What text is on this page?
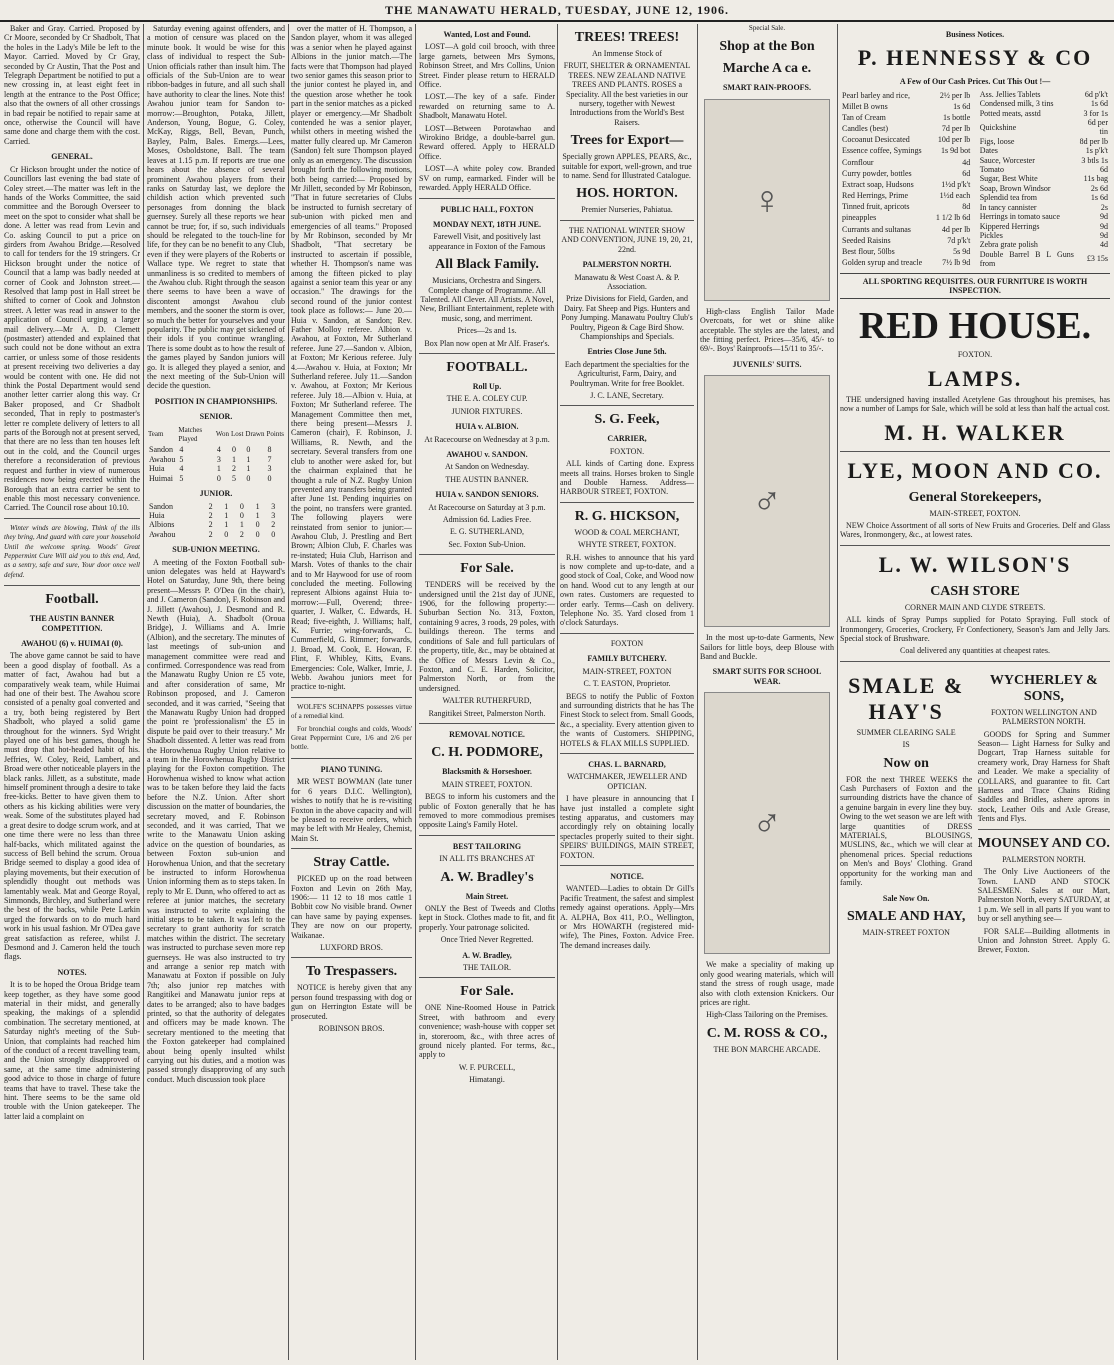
THE MANAWATU HERALD, TUESDAY, JUNE 12, 1906.

Baker and Gray. Carried. Proposed by Cr Moore, seconded by Cr Shadbolt, That the holes in the Lady's Mile be left to the Mayor. Carried. Moved by Cr Gray, seconded by Cr Austin, That the Post and Telegraph Department be notified to put a new crossing in, at least eight feet in length at the entrance to the Post Office; also that the owners of all other crossings in bad repair be notified to repair same at once, otherwise the Council will have same done and charge them with the cost. Carried.

GENERAL.

Cr Hickson brought under the notice of Councillors last evening the bad state of Coley street.—The matter was left in the hands of the Works Committee, the said committee and the Borough Overseer to meet on the spot to consider what shall be done. A letter was read from Levin and Co. asking Council to put a price on girders from Awahou Bridge.—Resolved to call for tenders for the 19 stringers. Cr Hickson brought under the notice of Council that a lamp was badly needed at corner of Cook and Johnston street.—Resolved that lamp post in Hall street be shifted to corner of Cook and Johnston street. A letter was read in answer to the application of Council urging a larger mail delivery.—Mr A. D. Clemett (postmaster) attended and explained that such could not be done without an extra carrier, or unless some of those residents at present receiving two deliveries a day would be content with one. He did not think the Postal Department would send another letter carrier along this way. Cr Baker proposed, and Cr Shadbolt seconded, That in reply to postmaster's letter re complete delivery of letters to all parts of the Borough not at present served, that there are no less than ten houses left out in the cold, and the Council urges therefore a reconsideration of previous request and further in view of numerous residences now being erected within the Borough that an extra carrier be sent to enable this most necessary convenience. Carried. The Council rose about 10.10.

Winter winds are blowing, Think of the ills they bring, And guard with care your household Until the welcome spring. Woods' Great Peppermint Cure Will aid you to this end, And, as a sentry, safe and sure, Your door once well defend.

Football.

THE AUSTIN BANNER COMPETITION.

AWAHOU (6) v. HUIMAI (0).

The above game cannot be said to have been a good display of football. As a matter of fact, Awahou had but a comparatively weak team, while Huimai had one of their best. The Awahou score consisted of a penalty goal converted and a try, both being registered by Bert Shadbolt, who played a solid game throughout for the winners. Syd Wright played one of his best games, though he must drop that hot-headed habit of his. Jeffries, W. Coley, Reid, Lambert, and Broad were other noticeable players in the black ranks. Jillett, as a substitute, made himself prominent through a desire to take free-kicks. Better to have given them to others as his kicking abilities were very weak. Some of the substitutes played had a great desire to dodge scrum work, and at one time there were no less than three half-backs, which militated against the success of Bell behind the scrum. Oroua Bridge seemed to display a good idea of playing movements, but their execution of splendidly thought out methods was lamentably weak. Mat and George Royal, Simmonds, Birchley, and Sutherland were the best of the backs, while Pete Larkin urged the forwards on to do much hard work in his usual fashion. Mr O'Dea gave great satisfaction as referee, whilst J. Desmond and J. Cameron held the touch flags.

NOTES.

It is to be hoped the Oroua Bridge team keep together, as they have some good material in their midst, and generally speaking, the makings of a splendid combination. The secretary mentioned, at Saturday night's meeting of the Sub-Union, that complaints had reached him of the conduct of a recent travelling team, and the Union strongly disapproved of same, at the same time administering good advice to those in charge of future teams that have to travel. These take the hint. There seems to be the same old trouble with the Union gatekeeper. The latter laid a complaint on

Saturday evening against offenders, and a motion of censure was placed on the minute book. It would be wise for this class of individual to respect the Sub-Union officials rather than insult him. The officials of the Sub-Union are to wear ribbon-badges in future, and all such shall have authority to clear the lines. Note this! Awahou junior team for Sandon to-morrow:—Broughton, Potaka, Jillett, Anderson, Young, Bogue, G. Coley, McKay, Riggs, Bell, Bevan, Punch, Bayley, Palm, Bales. Emergs.—Lees, Moses, Osboldstone, Ball. The team leaves at 1.15 p.m. If reports are true one hears about the absence of several prominent Awahou players from their ranks on Saturday last, we deplore the childish action which prevented such personages from donning the black guernsey. Surely all these reports we hear cannot be true; for, if so, such individuals should be relegated to the touch-line for life, for they can be no benefit to any Club, even if they were players of the Roberts or Wallace type. We regret to state that unmanliness is so credited to members of the Awahou club. Right through the season there seems to have been a wave of discontent amongst Awahou club members, and the sooner the storm is over, so much the better for yourselves and your popularity. The public may get sickened of their idols if you continue wrangling. There is some doubt as to how the result of the games played by Sandon juniors will go. It is alleged they played a senior, and the next meeting of the Sub-Union will decide the question.

POSITION IN CHAMPIONSHIPS.

SENIOR.

Team	Matches Played	Won	Lost	Drawn	Points
Sandon	4	4	0	0	8
Awahou	5	3	1	1	7
Huia	4	1	2	1	3
Huimai	5	0	5	0	0

JUNIOR.

Sandon	2	1	0	1	3
Huia	2	1	0	1	3
Albions	2	1	1	0	2
Awahou	2	0	2	0	0

SUB-UNION MEETING.

A meeting of the Foxton Football sub-union delegates was held at Hayward's Hotel on Saturday, June 9th, there being present—Messrs P. O'Dea (in the chair), and J. Cameron (Sandon), F. Robinson and J. Jillett (Awahou), J. Desmond and R. Newth (Huia), A. Shadbolt (Oroua Bridge), J. Williams and A. Imrie (Albion), and the secretary. The minutes of last meetings of sub-union and management committee were read and confirmed. Correspondence was read from the Manawatu Rugby Union re £5 vote, and after consideration of same, Mr Robinson proposed, and J. Cameron seconded, and it was carried, "Seeing that the Manawatu Rugby Union had dropped the point re 'professionalism' the £5 in dispute be paid over to their treasury." Mr Shadbolt dissented. A letter was read from the Horowhenua Rugby Union relative to a team in the Horowhenua Rugby District playing for the Foxton competition. The Horowhenua wished to know what action was to be taken before they laid the facts before the N.Z. Union. After short discussion on the matter of boundaries, the secretary moved, and F. Robinson seconded, and it was carried, That we write to the Manawatu Union asking advice on the question of boundaries, as between Foxton sub-union and Horowhenua Union, and that the secretary be instructed to inform Horowhenua Union informing them as to steps taken. In reply to Mr E. Dunn, who offered to act as referee at junior matches, the secretary was instructed to write explaining the initial steps to be taken. It was left to the secretary to grant authority for scratch matches within the district. The secretary was instructed to purchase seven more rep guernseys. He was also instructed to try and arrange a senior rep match with Manawatu at Foxton if possible on July 7th; also junior rep matches with Rangitikei and Manawatu junior reps at dates to be arranged; also to have badges printed, so that the authority of delegates and officers may be made known. The secretary mentioned to the meeting that the Foxton gatekeeper had complained about being openly insulted whilst carrying out his duties, and a motion was passed strongly disapproving of any such conduct. Much discussion took place

over the matter of H. Thompson, a Sandon player, whom it was alleged was a senior when he played against Albions in the junior match.—The facts were that Thompson had played two senior games this season prior to the junior contest he played in, and the question arose whether he took part in the senior matches as a picked player or emergency.—Mr Shadbolt contended he was a senior player, whilst others in meeting wished the matter fully cleared up. Mr Cameron (Sandon) felt sure Thompson played only as an emergency. The discussion brought forth the following motions, both being carried:— Proposed by Mr Jillett, seconded by Mr Robinson, "That in future secretaries of Clubs be instructed to furnish secretary of sub-union with picked men and emergencies of all teams." Proposed by Mr Robinson, seconded by Mr Shadbolt, "That secretary be instructed to ascertain if possible, whether H. Thompson's name was among the fifteen picked to play against a senior team this year or any occasion." The drawings for the second round of the junior contest took place as follows:— June 20.—Huia v. Sandon, at Sandon; Rev. Father Molloy referee. Albion v. Awahou, at Foxton, Mr Sutherland referee. June 27.—Sandon v. Albion, at Foxton; Mr Kerious referee. July 4.—Awahou v. Huia, at Foxton; Mr Sutherland referee. July 11.—Sandon v. Awahou, at Foxton; Mr Kerious referee. July 18.—Albion v. Huia, at Foxton; Mr Sutherland referee. The Management Committee then met, there being present—Messrs J. Cameron (chair), F. Robinson, J. Williams, R. Newth, and the secretary. Several transfers from one club to another were asked for, but the chairman explained that he thought a rule of N.Z. Rugby Union prevented any transfers being granted after June 1st. Pending inquiries on the point, no transfers were granted. The following players were reinstated from senior to junior:—Awahou Club, J. Prestling and Bert Brown; Albion Club, F. Charles was re-instated; Huia Club, Harrison and Marsh. Votes of thanks to the chair and to Mr Haywood for use of room concluded the meeting. Following represent Albions against Huia to-morrow:—Full, Overend; three-quarter, J. Walker, C. Edwards, H. Read; five-eighth, J. Williams; half, K. Furrie; wing-forwards, C. Cummerfield, G. Rimmer; forwards, J. Broad, M. Cook, E. Howan, F. Flint, F. Whibley, Kitts, Evans. Emergencies: Cole, Walker, Imrie, J. Webb. Awahou juniors meet for practice to-night.

WOLFE'S SCHNAPPS possesses virtue of a remedial kind.

For bronchial coughs and colds, Woods' Great Peppermint Cure, 1/6 and 2/6 per bottle.

PIANO TUNING.

MR WEST BOWMAN (late tuner for 6 years D.I.C. Wellington), wishes to notify that he is re-visiting Foxton in the above capacity and will be pleased to receive orders, which may be left with Mr Healey, Chemist, Main St.

Stray Cattle.

PICKED up on the road between Foxton and Levin on 26th May, 1906:— 11 12 to 18 mos cattle 1 Bobbit cow No visible brand. Owner can have same by paying expenses. They are now on our property, Waikanae.

LUXFORD BROS.

To Trespassers.

NOTICE is hereby given that any person found trespassing with dog or gun on Herrington Estate will be prosecuted.

ROBINSON BROS.

Wanted, Lost and Found.

LOST—A gold coil brooch, with three large garnets, between Mrs Symons, Robinson Street, and Mrs Collins, Union Street. Finder please return to HERALD Office.

LOST.—The key of a safe. Finder rewarded on returning same to A. Shadbolt, Manawatu Hotel.

LOST—Between Porotawhao and Wirokino Bridge, a double-barrel gun. Reward offered. Apply to HERALD Office.

LOST—A white poley cow. Branded SV on rump, earmarked. Finder will be rewarded. Apply HERALD Office.

PUBLIC HALL, FOXTON

MONDAY NEXT, 18TH JUNE.

Farewell Visit, and positively last appearance in Foxton of the Famous

All Black Family.

Musicians, Orchestra and Singers. Complete change of Programme. All Talented. All Clever. All Artists. A Novel, New, Brilliant Entertainment, replete with music, song, and merriment.

Prices—2s and 1s.

Box Plan now open at Mr Alf. Fraser's.

FOOTBALL.

Roll Up.

THE E. A. COLEY CUP.

JUNIOR FIXTURES.

HUIA v. ALBION.

At Racecourse on Wednesday at 3 p.m.

AWAHOU v. SANDON.

At Sandon on Wednesday.

THE AUSTIN BANNER.

HUIA v. SANDON SENIORS.

At Racecourse on Saturday at 3 p.m.

Admission 6d. Ladies Free.

E. G. SUTHERLAND,

Sec. Foxton Sub-Union.

For Sale.

TENDERS will be received by the undersigned until the 21st day of JUNE, 1906, for the following property:— Suburban Section No. 313, Foxton, containing 9 acres, 3 roods, 29 poles, with buildings thereon. The terms and conditions of Sale and full particulars of the property, title, &c., may be obtained at the Office of Messrs Levin & Co., Foxton, and C. E. Harden, Solicitor, Palmerston North, or from the undersigned.

WALTER RUTHERFURD,

Rangitikei Street, Palmerston North.

REMOVAL NOTICE.

C. H. PODMORE,

Blacksmith & Horseshoer.

MAIN STREET, FOXTON.

BEGS to inform his customers and the public of Foxton generally that he has removed to more commodious premises opposite Laing's Family Hotel.

BEST TAILORING

IN ALL ITS BRANCHES AT

A. W. Bradley's

Main Street.

ONLY the Best of Tweeds and Cloths kept in Stock. Clothes made to fit, and fit properly. Your patronage solicited.

Once Tried Never Regretted.

A. W. Bradley,

THE TAILOR.

For Sale.

ONE Nine-Roomed House in Patrick Street, with bathroom and every convenience; wash-house with copper set in, storeroom, &c., with three acres of ground nicely planted. For terms, &c., apply to

W. F. PURCELL,

Himatangi.

TREES! TREES!

An Immense Stock of

FRUIT, SHELTER & ORNAMENTAL TREES. NEW ZEALAND NATIVE TREES AND PLANTS. ROSES a Speciality. All the best varieties in our nursery, together with Newest Introductions from the World's Best Raisers.

Trees for Export—

Specially grown APPLES, PEARS, &c., suitable for export, well-grown, and true to name. Send for Illustrated Catalogue.

HOS. HORTON.

Premier Nurseries, Pahiatua.

THE NATIONAL WINTER SHOW AND CONVENTION, JUNE 19, 20, 21, 22nd.

PALMERSTON NORTH.

Manawatu & West Coast A. & P. Association.

Prize Divisions for Field, Garden, and Dairy. Fat Sheep and Pigs. Hunters and Pony Jumping. Manawatu Poultry Club's Poultry, Pigeon & Cage Bird Show. Championships and Specials.

Entries Close June 5th.

Each department the specialties for the Agriculturist, Farm, Dairy, and Poultryman. Write for free Booklet.

J. C. LANE, Secretary.

S. G. Feek,

CARRIER,

FOXTON.

ALL kinds of Carting done. Express meets all trains. Horses broken to Single and Double Harness. Address— HARBOUR STREET, FOXTON.

R. G. HICKSON,

WOOD & COAL MERCHANT,

WHYTE STREET, FOXTON.

R.H. wishes to announce that his yard is now complete and up-to-date, and a good stock of Coal, Coke, and Wood now on hand. Wood cut to any length at our own rates. Customers are requested to order early. Terms—Cash on delivery. Telephone No. 35. Yard closed from 1 o'clock Saturdays.

FOXTON

FAMILY BUTCHERY.

MAIN-STREET, FOXTON

C. T. EASTON, Proprietor.

BEGS to notify the Public of Foxton and surrounding districts that he has The Finest Stock to select from. Small Goods, &c., a speciality. Every attention given to the wants of Customers. SHIPPING, HOTELS & FLAX MILLS SUPPLIED.

CHAS. L. BARNARD,

WATCHMAKER, JEWELLER AND OPTICIAN.

I have pleasure in announcing that I have just installed a complete sight testing apparatus, and customers may accordingly rely on obtaining locally spectacles properly suited to their sight. SPEIRS' BUILDINGS, MAIN STREET, FOXTON.

NOTICE.

WANTED—Ladies to obtain Dr Gill's Pacific Treatment, the safest and simplest remedy against operations. Apply—Mrs A. ALPHA, Box 411, P.O., Wellington, or Mrs HOWARTH (registered mid-wife), The Pines, Foxton. Advice Free. The demand increases daily.

Special Sale.

Shop at the Bon

Marche A ca e.

SMART RAIN-PROOFS.

♀

High-class English Tailor Made Overcoats, for wet or shine alike acceptable. The styles are the latest, and the fitting perfect. Prices—35/6, 45/- to 69/-. Boys' Rainproofs—15/11 to 35/-.

JUVENILS' SUITS.

♂

In the most up-to-date Garments, New Sailors for little boys, deep Blouse with Band and Buckle.

SMART SUITS FOR SCHOOL WEAR.

♂

We make a speciality of making up only good wearing materials, which will stand the stress of rough usage, made also with cloth extension Knickers. Our prices are right.

High-Class Tailoring on the Premises.

C. M. ROSS & CO.,

THE BON MARCHE ARCADE.

Business Notices.

P. HENNESSY & CO

A Few of Our Cash Prices. Cut This Out !—

Pearl barley and rice,	2½ per lb
Millet B owns	1s 6d
Tan of Cream	1s bottle
Candles (best)	7d per lb
Cocoanut Desiccated	10d per lb
Essence coffee, Symings	1s 9d bot
Cornflour	4d
Curry powder, bottles	6d
Extract soap, Hudsons	1½d p'k't
Red Herrings, Prime	1½d each
Tinned fruit, apricots	8d
pineapples	1 1/2 lb 6d
Currants and sultanas	4d per lb
Seeded Raisins	7d p'k't
Best flour, 50lbs	5s 9d
Golden syrup and treacle	7½ lb 9d
Ass. Jellies Tablets	6d p'k't
Condensed milk, 3 tins	1s 6d
Potted meats, asstd	3 for 1s
Quickshine	6d per tin
Figs, loose	8d per lb
Dates	1s p'k't
Sauce, Worcester	3 btls 1s
Tomato	6d
Sugar, Best White	11s bag
Soap, Brown Windsor	2s 6d
Splendid tea from	1s 6d
In tancy cannister	2s
Herrings in tomato sauce	9d
Kippered Herrings	9d
Pickles	9d
Zebra grate polish	4d
Double Barrel B L Guns from	£3 15s

ALL SPORTING REQUISITES. OUR FURNITURE IS WORTH INSPECTION.

RED HOUSE.

FOXTON.

LAMPS.

THE undersigned having installed Acetylene Gas throughout his premises, has now a number of Lamps for Sale, which will be sold at less than half the actual cost.

M. H. WALKER

LYE, MOON AND CO.

General Storekeepers,

MAIN-STREET, FOXTON.

NEW Choice Assortment of all sorts of New Fruits and Groceries. Delf and Glass Wares, Ironmongery, &c., at lowest rates.

L. W. WILSON'S

CASH STORE

CORNER MAIN AND CLYDE STREETS.

ALL kinds of Spray Pumps supplied for Potato Spraying. Full stock of Ironmongery, Groceries, Crockery, Fr Confectionery, Season's Jam and Jelly Jars. Special stock of Brushware.

Coal delivered any quantities at cheapest rates.

SMALE & HAY'S

SUMMER CLEARING SALE

IS

Now on

FOR the next THREE WEEKS the Cash Purchasers of Foxton and the surrounding districts have the chance of a genuine bargain in every line they buy. Owing to the wet season we are left with large quantities of DRESS MATERIALS, BLOUSINGS, MUSLINS, &c., which we will clear at phenomenal prices. Special reductions on Men's and Boys' Clothing. Grand opportunity for the working man and family.

Sale Now On.

SMALE AND HAY,

MAIN-STREET FOXTON

WYCHERLEY & SONS,

FOXTON WELLINGTON AND PALMERSTON NORTH.

GOODS for Spring and Summer Season— Light Harness for Sulky and Dogcart, Trap Harness suitable for creamery work, Dray Harness for Shaft and Leader. We make a speciality of COLLARS, and guarantee to fit. Cart Harness and Trace Chains Riding Saddles and Bridles, ashere aprons in stock, Leather Oils and Axle Grease, Tents and Flys.

MOUNSEY AND CO.

PALMERSTON NORTH.

The Only Live Auctioneers of the Town. LAND AND STOCK SALESMEN. Sales at our Mart, Palmerston North, every SATURDAY, at 1 p.m. We sell in all parts If you want to buy or sell anything see—

FOR SALE—Building allotments in Union and Johnston Street. Apply G. Brewer, Foxton.
